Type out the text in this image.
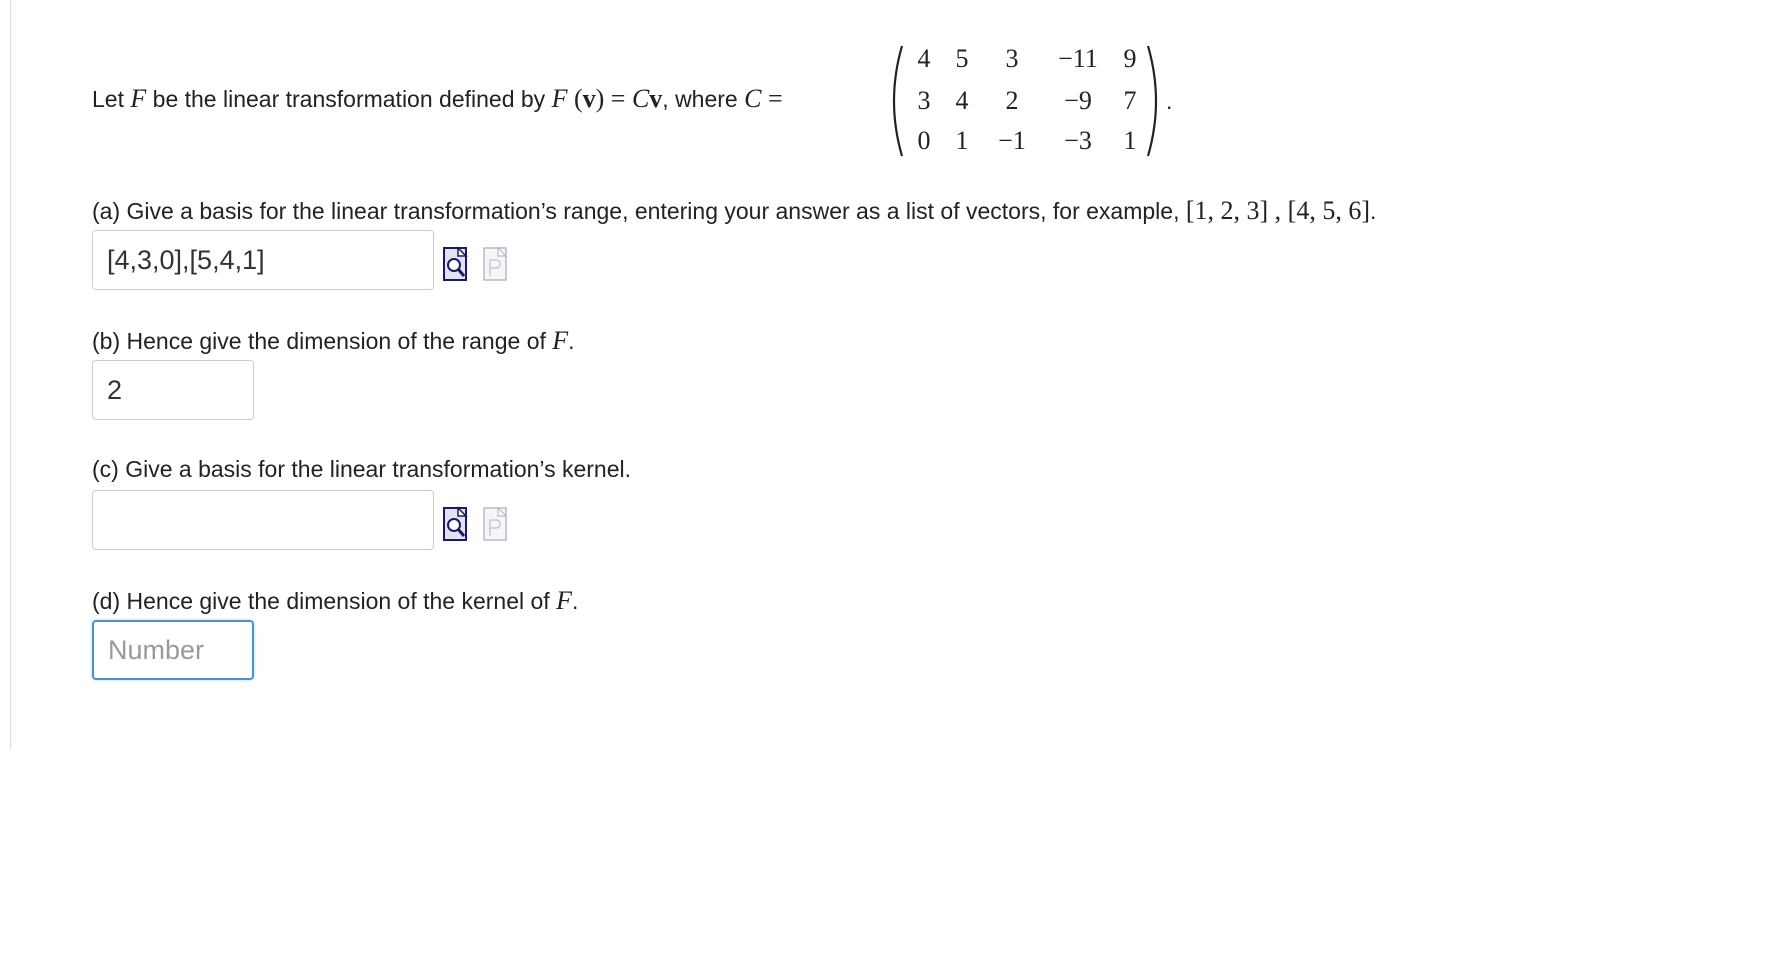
Let F be the linear transformation defined by F (v) = Cv , where C =
4 5	3	−11 9
3 4	2	−9	7
0 1	−1	−3	1
.
(a) Give a basis for the linear transformation’s range, entering your answer as a list of vectors, for example, [1, 2, 3] , [4, 5, 6] .
[4,3,0],[5,4,1]
(b) Hence give the dimension of the range of F .
2
(c) Give a basis for the linear transformation’s kernel.
(d) Hence give the dimension of the kernel of F .
Number
